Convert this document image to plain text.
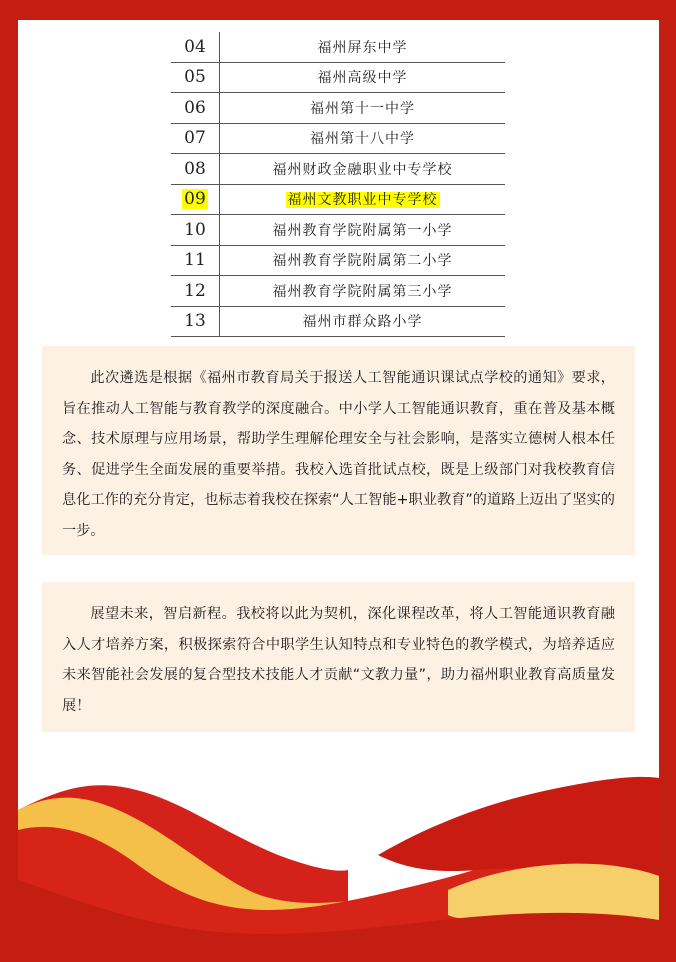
04	福州屏东中学
05	福州高级中学
06	福州第十一中学
07	福州第十八中学
08	福州财政金融职业中专学校
09	福州文教职业中专学校
10	福州教育学院附属第一小学
11	福州教育学院附属第二小学
12	福州教育学院附属第三小学
13	福州市群众路小学

此次遴选是根据《福州市教育局关于报送人工智能通识课试点学校的通知》要求，旨在推动人工智能与教育教学的深度融合。中小学人工智能通识教育，重在普及基本概念、技术原理与应用场景，帮助学生理解伦理安全与社会影响，是落实立德树人根本任务、促进学生全面发展的重要举措。我校入选首批试点校，既是上级部门对我校教育信息化工作的充分肯定，也标志着我校在探索“人工智能+职业教育”的道路上迈出了坚实的一步。

展望未来，智启新程。我校将以此为契机，深化课程改革，将人工智能通识教育融入人才培养方案，积极探索符合中职学生认知特点和专业特色的教学模式，为培养适应未来智能社会发展的复合型技术技能人才贡献“文教力量”，助力福州职业教育高质量发展！
